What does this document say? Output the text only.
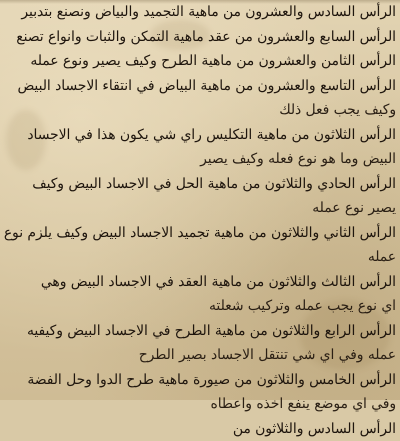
الرأس السادس والعشرون من ماهية التجميد والبياض ونصنع بتدبير
الرأس السابع والعشرون من عقد ماهية التمكن والثبات وانواع تصنع
الرأس الثامن والعشرون من ماهية الطرح وكيف يصير ونوع عمله
الرأس التاسع والعشرون من ماهية البياض في انتقاء الاجساد البيض
وكيف يجب فعل ذلك
الرأس الثلاثون من ماهية التكليس راي شي يكون هذا في الاجساد
البيض وما هو نوع فعله وكيف يصير
الرأس الحادي والثلاثون من ماهية الحل في الاجساد البيض وكيف
يصير نوع عمله
الرأس الثاني والثلاثون من ماهية تجميد الاجساد البيض وكيف يلزم نوع
عمله
الرأس الثالث والثلاثون من ماهية العقد في الاجساد البيض وهي
اي نوع يجب عمله وتركيب شعلته
الرأس الرابع والثلاثون من ماهية الطرح في الاجساد البيض وكيفيه
عمله وفي اي شي تنتقل الاجساد بصير الطرح
الرأس الخامس والثلاثون من صيورة ماهية طرح الدوا وحل الفضة
وفي اي موضع ينفع اخذه واعطاه
الرأس السادس والثلاثون من
